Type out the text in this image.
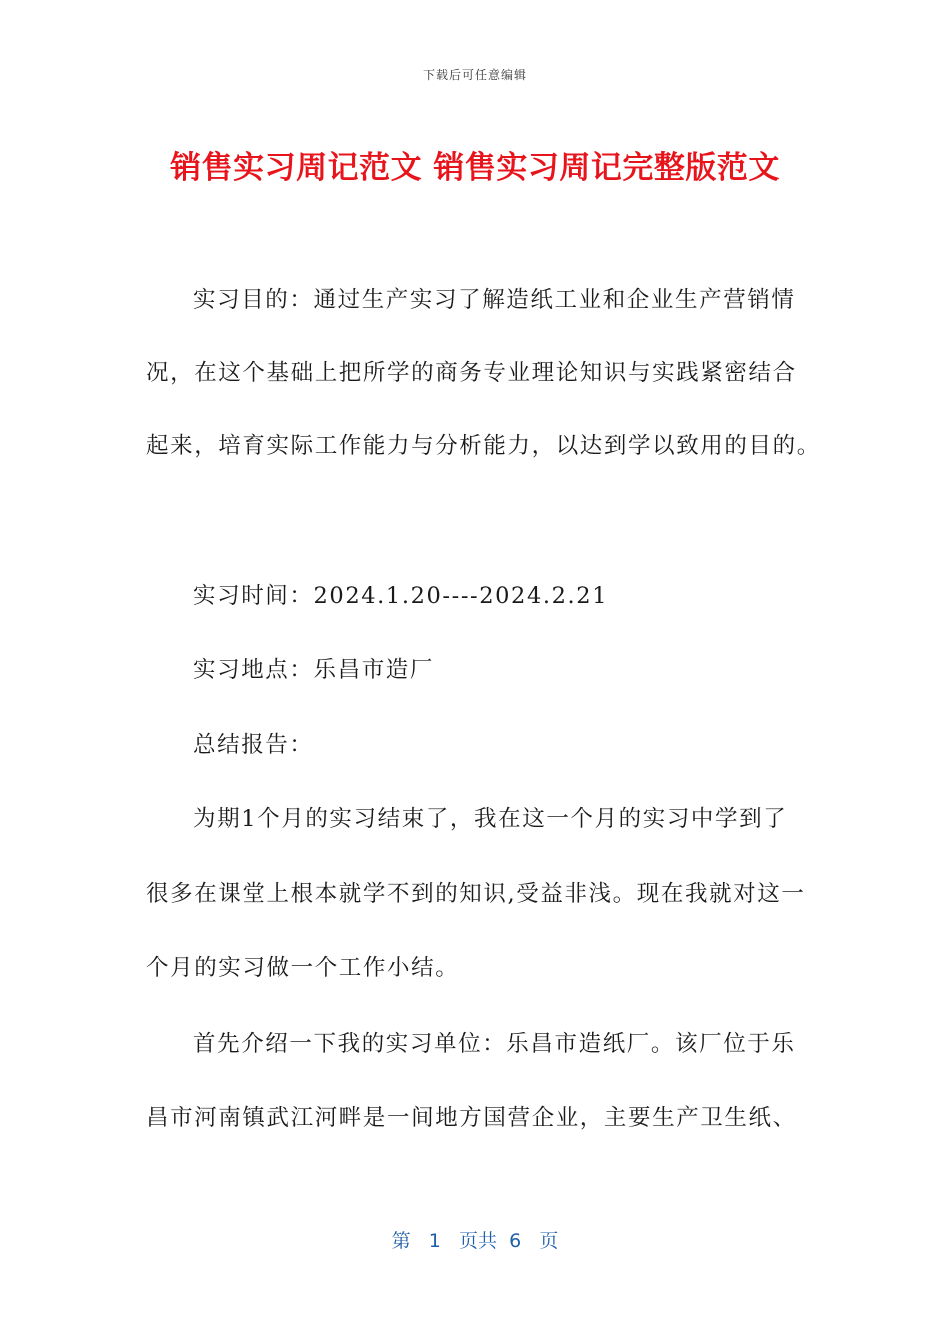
下载后可任意编辑
销售实习周记范文 销售实习周记完整版范文
实习目的：通过生产实习了解造纸工业和企业生产营销情
况，在这个基础上把所学的商务专业理论知识与实践紧密结合
起来，培育实际工作能力与分析能力，以达到学以致用的目的。
实习时间：2024.1.20----2024.2.21
实习地点：乐昌市造厂
总结报告：
为期1个月的实习结束了，我在这一个月的实习中学到了
很多在课堂上根本就学不到的知识,受益非浅。现在我就对这一
个月的实习做一个工作小结。
首先介绍一下我的实习单位：乐昌市造纸厂。该厂位于乐
昌市河南镇武江河畔是一间地方国营企业，主要生产卫生纸、
第 1 页共 6 页
